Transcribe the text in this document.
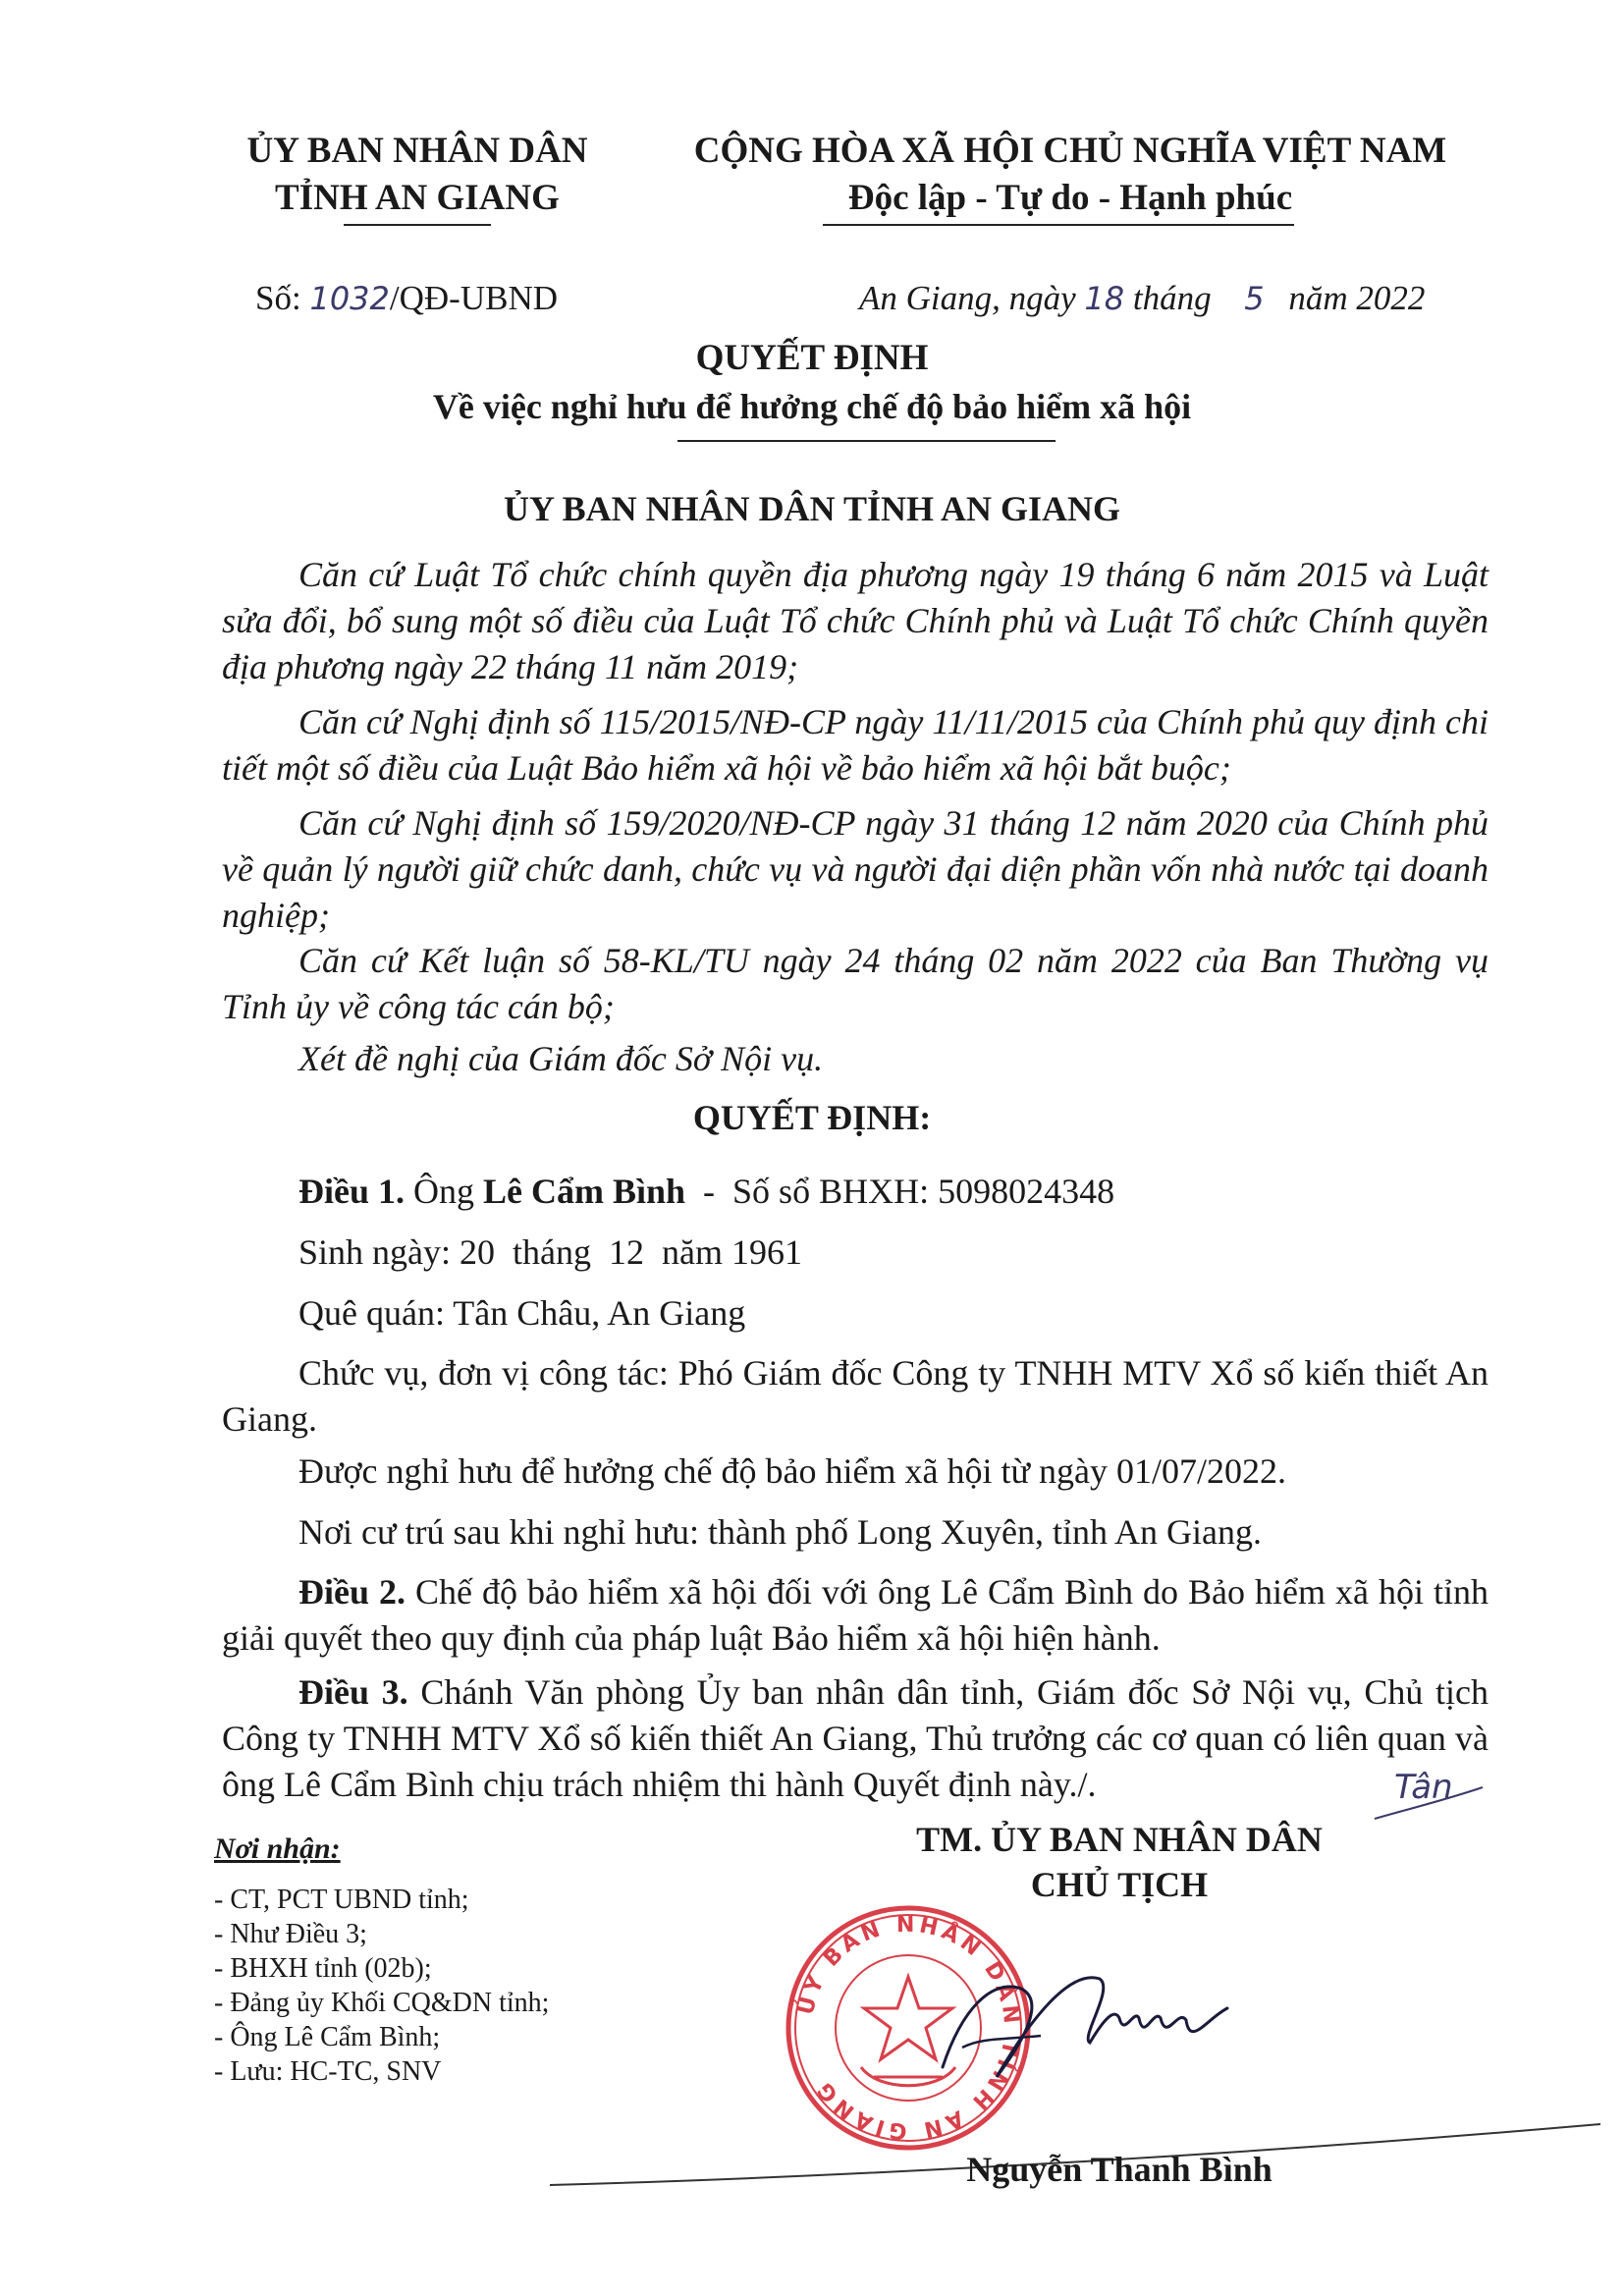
ỦY BAN NHÂN DÂN
TỈNH AN GIANG
CỘNG HÒA XÃ HỘI CHỦ NGHĨA VIỆT NAM
Độc lập - Tự do - Hạnh phúc
Số: 1032/QĐ-UBND	An Giang, ngày 18 tháng 5 năm 2022
QUYẾT ĐỊNH
Về việc nghỉ hưu để hưởng chế độ bảo hiểm xã hội
ỦY BAN NHÂN DÂN TỈNH AN GIANG
Căn cứ Luật Tổ chức chính quyền địa phương ngày 19 tháng 6 năm 2015 và Luật sửa đổi, bổ sung một số điều của Luật Tổ chức Chính phủ và Luật Tổ chức Chính quyền địa phương ngày 22 tháng 11 năm 2019;
Căn cứ Nghị định số 115/2015/NĐ-CP ngày 11/11/2015 của Chính phủ quy định chi tiết một số điều của Luật Bảo hiểm xã hội về bảo hiểm xã hội bắt buộc;
Căn cứ Nghị định số 159/2020/NĐ-CP ngày 31 tháng 12 năm 2020 của Chính phủ về quản lý người giữ chức danh, chức vụ và người đại diện phần vốn nhà nước tại doanh nghiệp;
Căn cứ Kết luận số 58-KL/TU ngày 24 tháng 02 năm 2022 của Ban Thường vụ Tỉnh ủy về công tác cán bộ;
Xét đề nghị của Giám đốc Sở Nội vụ.
QUYẾT ĐỊNH:
Điều 1. Ông Lê Cẩm Bình  -  Số sổ BHXH: 5098024348
Sinh ngày: 20  tháng  12  năm 1961
Quê quán: Tân Châu, An Giang
Chức vụ, đơn vị công tác: Phó Giám đốc Công ty TNHH MTV Xổ số kiến thiết An Giang.
Được nghỉ hưu để hưởng chế độ bảo hiểm xã hội từ ngày 01/07/2022.
Nơi cư trú sau khi nghỉ hưu: thành phố Long Xuyên, tỉnh An Giang.
Điều 2. Chế độ bảo hiểm xã hội đối với ông Lê Cẩm Bình do Bảo hiểm xã hội tỉnh giải quyết theo quy định của pháp luật Bảo hiểm xã hội hiện hành.
Điều 3. Chánh Văn phòng Ủy ban nhân dân tỉnh, Giám đốc Sở Nội vụ, Chủ tịch Công ty TNHH MTV Xổ số kiến thiết An Giang, Thủ trưởng các cơ quan có liên quan và ông Lê Cẩm Bình chịu trách nhiệm thi hành Quyết định này./.	Tân
Nơi nhận:
- CT, PCT UBND tỉnh;
- Như Điều 3;
- BHXH tỉnh (02b);
- Đảng ủy Khối CQ&DN tỉnh;
- Ông Lê Cẩm Bình;
- Lưu: HC-TC, SNV
TM. ỦY BAN NHÂN DÂN
CHỦ TỊCH
ỦY BAN NHÂN DÂN TỈNH AN GIANG
Nguyễn Thanh Bình
